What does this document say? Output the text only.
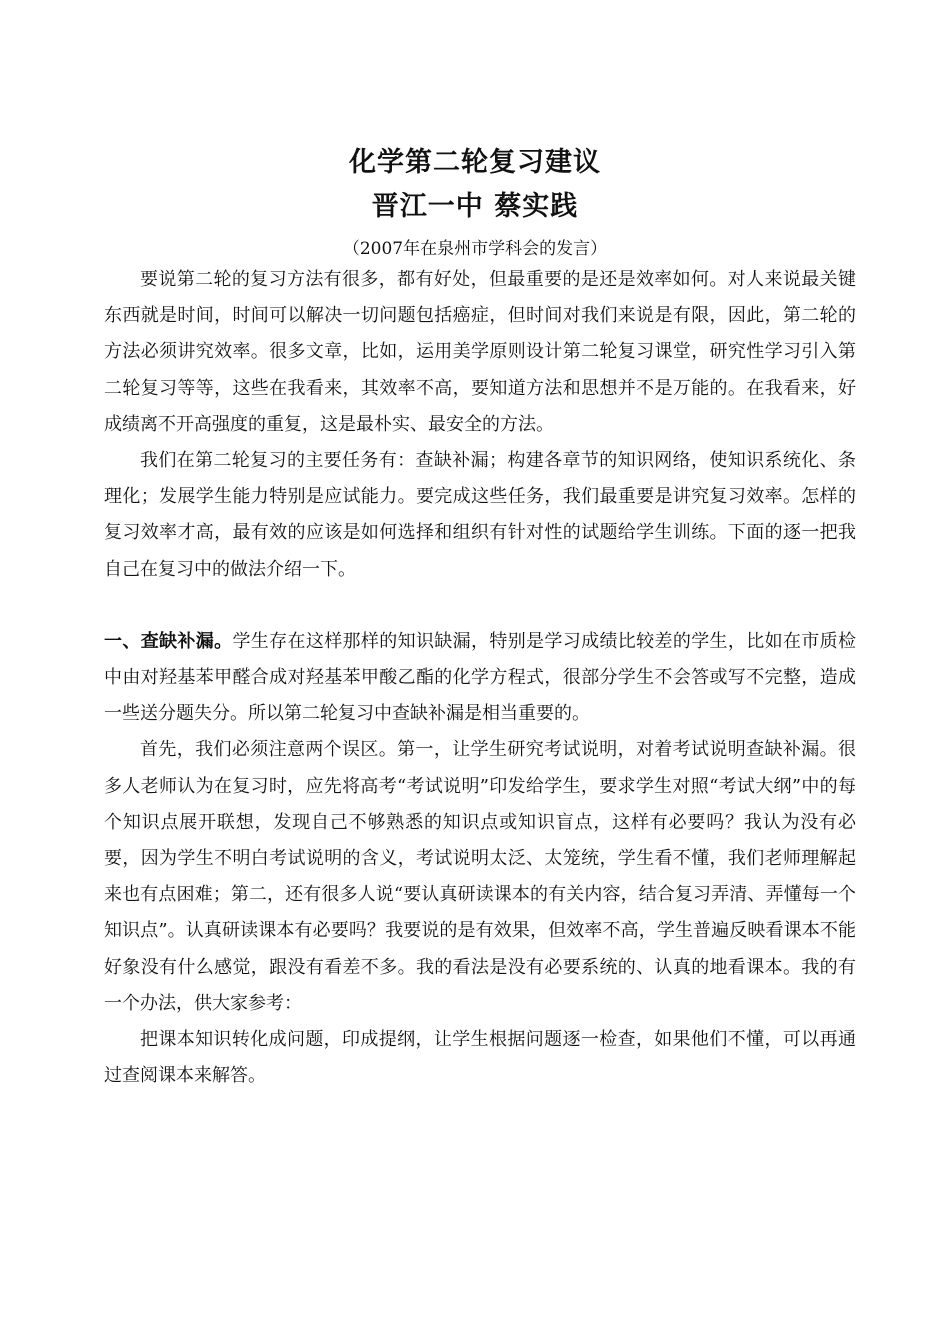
化学第二轮复习建议
晋江一中 蔡实践
（2007年在泉州市学科会的发言）

要说第二轮的复习方法有很多，都有好处，但最重要的是还是效率如何。对人来说最关键东西就是时间，时间可以解决一切问题包括癌症，但时间对我们来说是有限，因此，第二轮的方法必须讲究效率。很多文章，比如，运用美学原则设计第二轮复习课堂，研究性学习引入第二轮复习等等，这些在我看来，其效率不高，要知道方法和思想并不是万能的。在我看来，好成绩离不开高强度的重复，这是最朴实、最安全的方法。

我们在第二轮复习的主要任务有：查缺补漏；构建各章节的知识网络，使知识系统化、条理化；发展学生能力特别是应试能力。要完成这些任务，我们最重要是讲究复习效率。怎样的复习效率才高，最有效的应该是如何选择和组织有针对性的试题给学生训练。下面的逐一把我自己在复习中的做法介绍一下。

一、查缺补漏。学生存在这样那样的知识缺漏，特别是学习成绩比较差的学生，比如在市质检中由对羟基苯甲醛合成对羟基苯甲酸乙酯的化学方程式，很部分学生不会答或写不完整，造成一些送分题失分。所以第二轮复习中查缺补漏是相当重要的。

首先，我们必须注意两个误区。第一，让学生研究考试说明，对着考试说明查缺补漏。很多人老师认为在复习时，应先将高考“考试说明”印发给学生，要求学生对照“考试大纲”中的每个知识点展开联想，发现自己不够熟悉的知识点或知识盲点，这样有必要吗？我认为没有必要，因为学生不明白考试说明的含义，考试说明太泛、太笼统，学生看不懂，我们老师理解起来也有点困难；第二，还有很多人说“要认真研读课本的有关内容，结合复习弄清、弄懂每一个知识点”。认真研读课本有必要吗？我要说的是有效果，但效率不高，学生普遍反映看课本不能好象没有什么感觉，跟没有看差不多。我的看法是没有必要系统的、认真的地看课本。我的有一个办法，供大家参考：

把课本知识转化成问题，印成提纲，让学生根据问题逐一检查，如果他们不懂，可以再通过查阅课本来解答。
